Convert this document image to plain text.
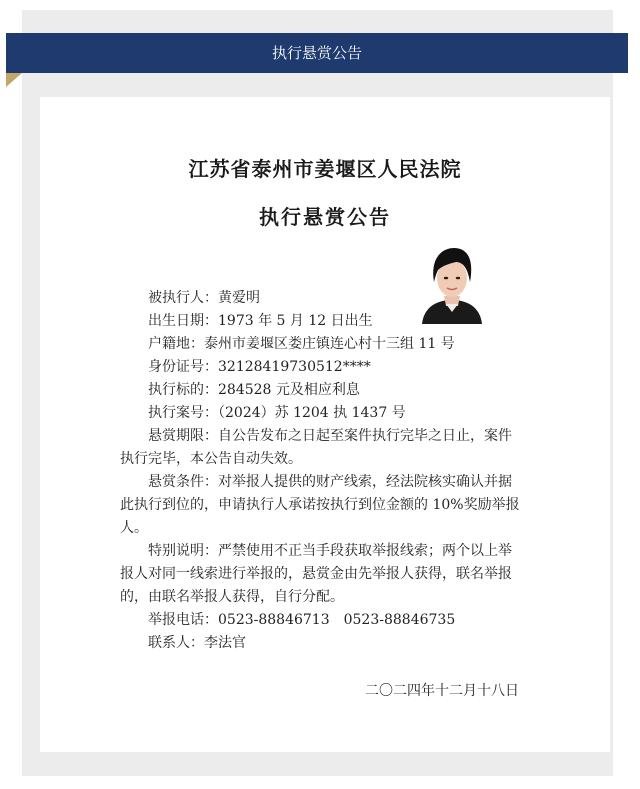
执行悬赏公告
江苏省泰州市姜堰区人民法院
执行悬赏公告
被执行人：黄爱明
出生日期：1973 年 5 月 12 日出生
户籍地：泰州市姜堰区娄庄镇连心村十三组 11 号
身份证号：32128419730512****
执行标的：284528 元及相应利息
执行案号：（2024）苏 1204 执 1437 号
悬赏期限：自公告发布之日起至案件执行完毕之日止，案件
执行完毕，本公告自动失效。
悬赏条件：对举报人提供的财产线索，经法院核实确认并据
此执行到位的，申请执行人承诺按执行到位金额的 10%奖励举报
人。
特别说明：严禁使用不正当手段获取举报线索；两个以上举
报人对同一线索进行举报的，悬赏金由先举报人获得，联名举报
的，由联名举报人获得，自行分配。
举报电话：0523-88846713　0523-88846735
联系人：李法官
二〇二四年十二月十八日
